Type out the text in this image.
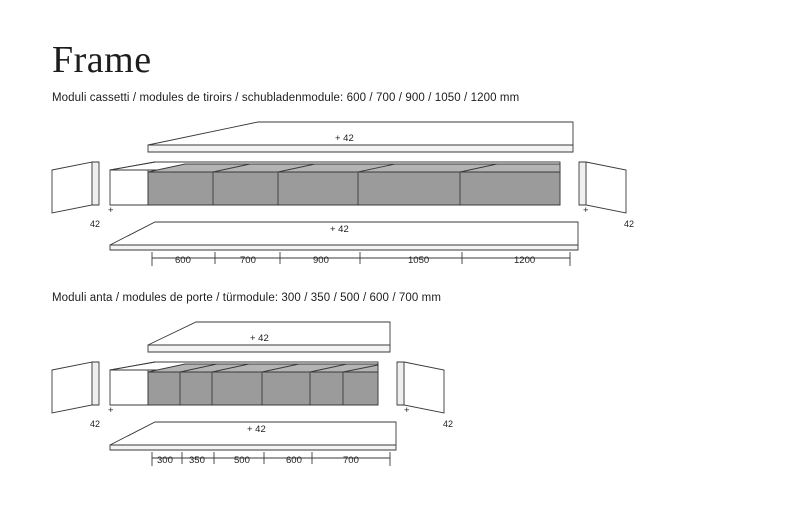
Frame
Moduli cassetti / modules de tiroirs / schubladenmodule: 600 / 700 / 900 / 1050 / 1200 mm
Moduli anta / modules de porte / türmodule: 300 / 350 / 500 / 600 / 700 mm
+ 42
+ 42
+
42
+
42
600	700	900	1050	1200
+ 42
+ 42
+
42
+
42
300 350	500	600	700
